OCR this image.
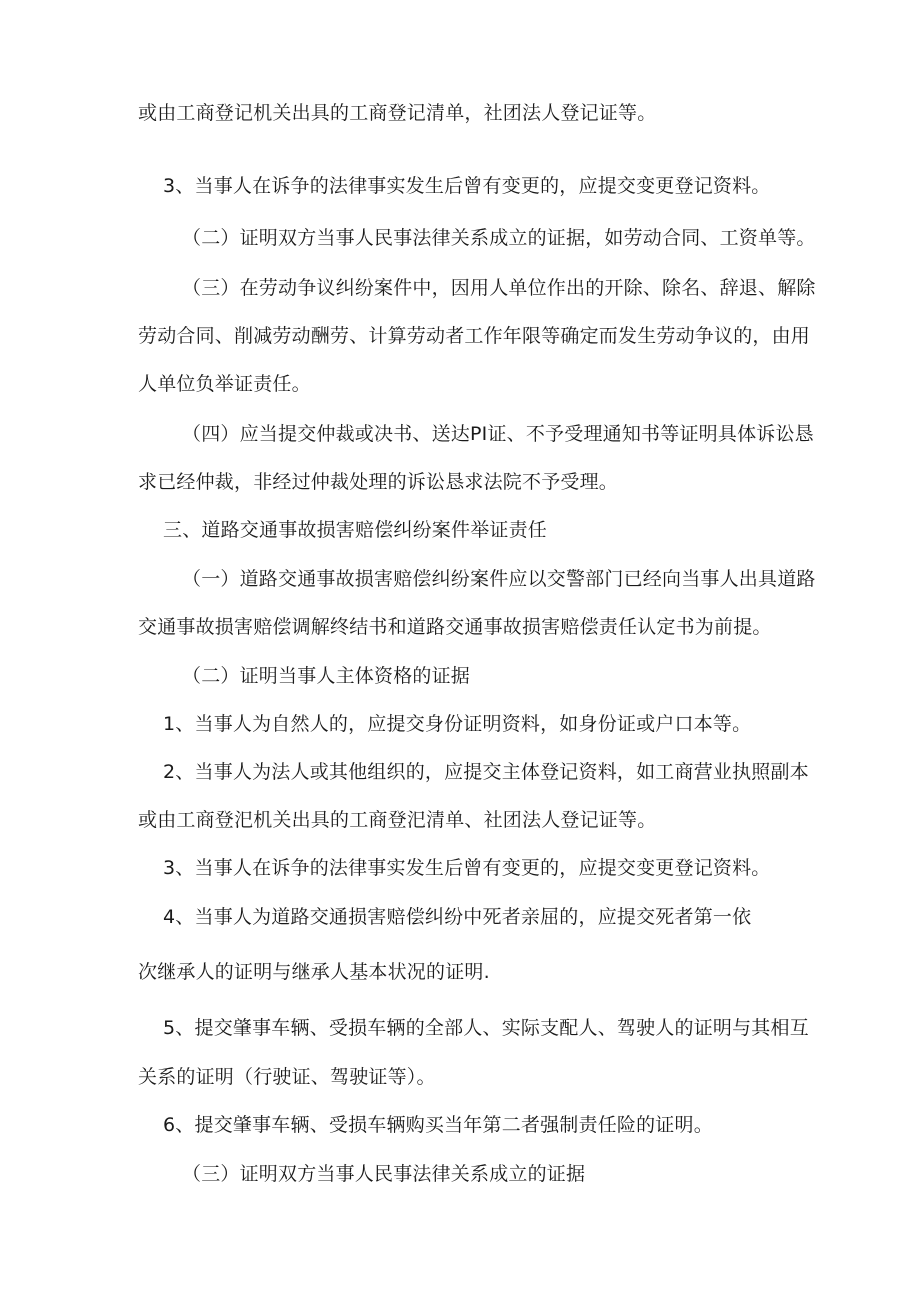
或由工商登记机关出具的工商登记清单，社团法人登记证等。
3、当事人在诉争的法律事实发生后曾有变更的，应提交变更登记资料。
（二）证明双方当事人民事法律关系成立的证据，如劳动合同、工资单等。
（三）在劳动争议纠纷案件中，因用人单位作出的开除、除名、辞退、解除
劳动合同、削减劳动酬劳、计算劳动者工作年限等确定而发生劳动争议的，由用
人单位负举证责任。
（四）应当提交仲裁或决书、送达PI证、不予受理通知书等证明具体诉讼恳
求已经仲裁，非经过仲裁处理的诉讼恳求法院不予受理。
三、道路交通事故损害赔偿纠纷案件举证责任
（一）道路交通事故损害赔偿纠纷案件应以交警部门已经向当事人出具道路
交通事故损害赔偿调解终结书和道路交通事故损害赔偿责任认定书为前提。
（二）证明当事人主体资格的证据
1、当事人为自然人的，应提交身份证明资料，如身份证或户口本等。
2、当事人为法人或其他组织的，应提交主体登记资料，如工商营业执照副本
或由工商登汜机关出具的工商登汜清单、社团法人登记证等。
3、当事人在诉争的法律事实发生后曾有变更的，应提交变更登记资料。
4、当事人为道路交通损害赔偿纠纷中死者亲屈的，应提交死者第一依
次继承人的证明与继承人基本状况的证明.
5、提交肇事车辆、受损车辆的全部人、实际支配人、驾驶人的证明与其相互
关系的证明（行驶证、驾驶证等）。
6、提交肇事车辆、受损车辆购买当年第二者强制责任险的证明。
（三）证明双方当事人民事法律关系成立的证据
